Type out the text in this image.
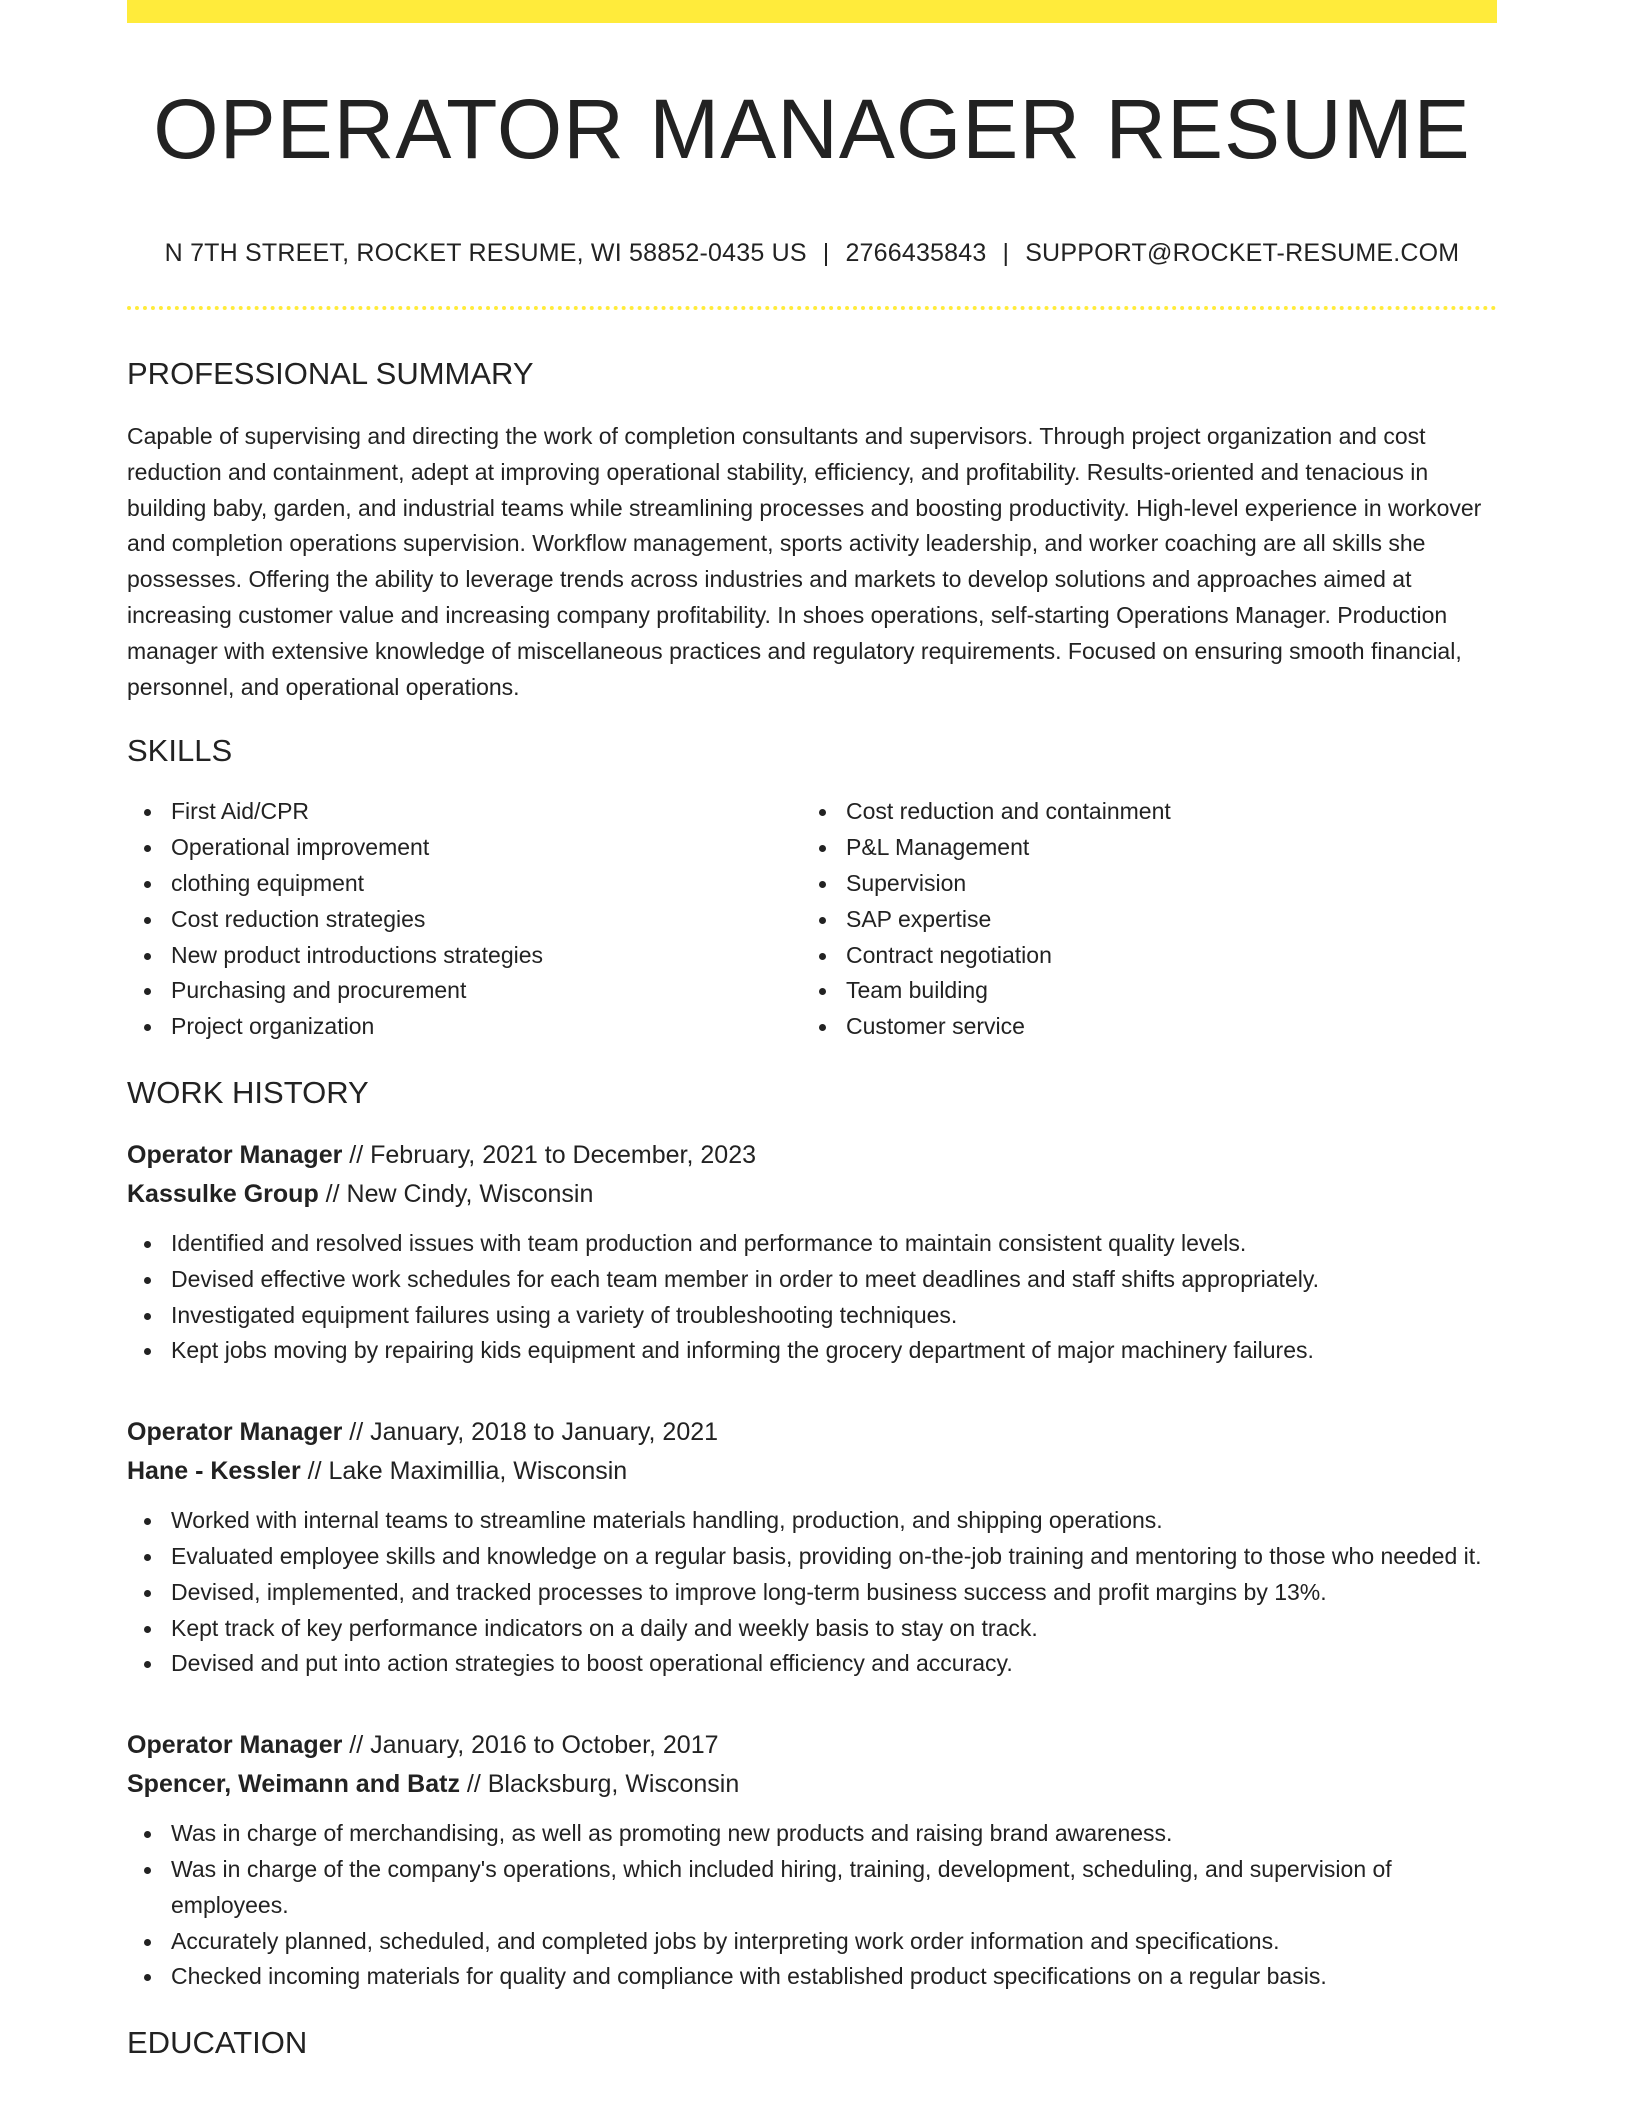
OPERATOR MANAGER RESUME
N 7TH STREET, ROCKET RESUME, WI 58852-0435 US | 2766435843 | SUPPORT@ROCKET-RESUME.COM
PROFESSIONAL SUMMARY

Capable of supervising and directing the work of completion consultants and supervisors. Through project organization and cost reduction and containment, adept at improving operational stability, efficiency, and profitability. Results-oriented and tenacious in building baby, garden, and industrial teams while streamlining processes and boosting productivity. High-level experience in workover and completion operations supervision. Workflow management, sports activity leadership, and worker coaching are all skills she possesses. Offering the ability to leverage trends across industries and markets to develop solutions and approaches aimed at increasing customer value and increasing company profitability. In shoes operations, self-starting Operations Manager. Production manager with extensive knowledge of miscellaneous practices and regulatory requirements. Focused on ensuring smooth financial, personnel, and operational operations.

SKILLS
First Aid/CPR
Operational improvement
clothing equipment
Cost reduction strategies
New product introductions strategies
Purchasing and procurement
Project organization
Cost reduction and containment
P&L Management
Supervision
SAP expertise
Contract negotiation
Team building
Customer service
WORK HISTORY
Operator Manager // February, 2021 to December, 2023
Kassulke Group // New Cindy, Wisconsin
Identified and resolved issues with team production and performance to maintain consistent quality levels.
Devised effective work schedules for each team member in order to meet deadlines and staff shifts appropriately.
Investigated equipment failures using a variety of troubleshooting techniques.
Kept jobs moving by repairing kids equipment and informing the grocery department of major machinery failures.
Operator Manager // January, 2018 to January, 2021
Hane - Kessler // Lake Maximillia, Wisconsin
Worked with internal teams to streamline materials handling, production, and shipping operations.
Evaluated employee skills and knowledge on a regular basis, providing on-the-job training and mentoring to those who needed it.
Devised, implemented, and tracked processes to improve long-term business success and profit margins by 13%.
Kept track of key performance indicators on a daily and weekly basis to stay on track.
Devised and put into action strategies to boost operational efficiency and accuracy.
Operator Manager // January, 2016 to October, 2017
Spencer, Weimann and Batz // Blacksburg, Wisconsin
Was in charge of merchandising, as well as promoting new products and raising brand awareness.
Was in charge of the company's operations, which included hiring, training, development, scheduling, and supervision of employees.
Accurately planned, scheduled, and completed jobs by interpreting work order information and specifications.
Checked incoming materials for quality and compliance with established product specifications on a regular basis.
EDUCATION
